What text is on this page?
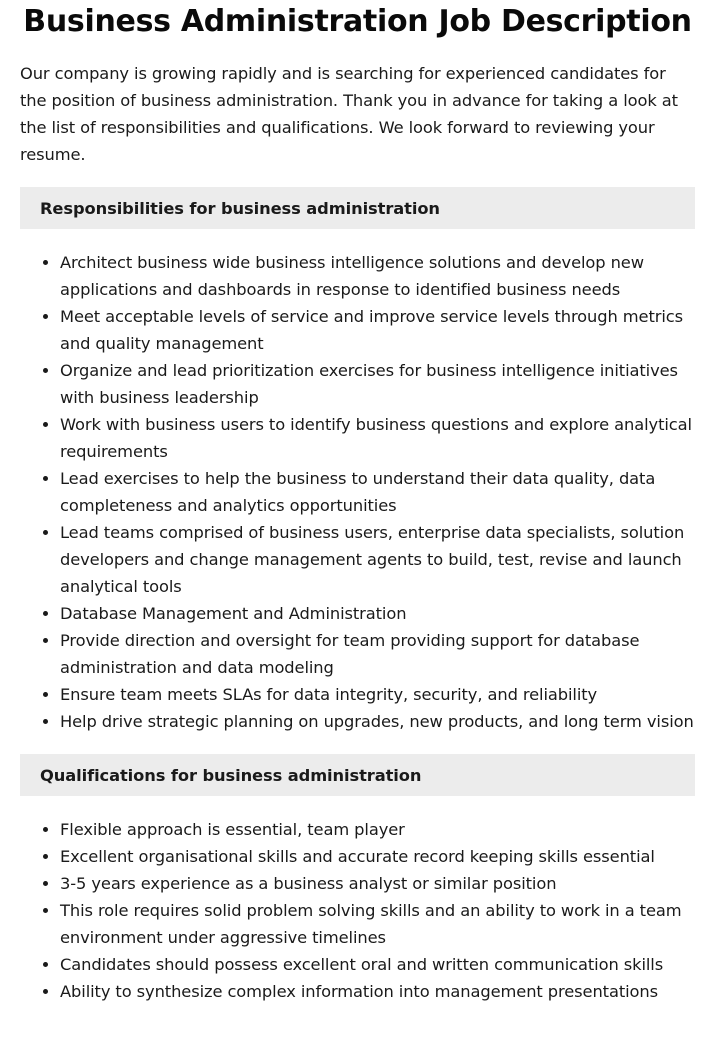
Business Administration Job Description

Our company is growing rapidly and is searching for experienced candidates for the position of business administration. Thank you in advance for taking a look at the list of responsibilities and qualifications. We look forward to reviewing your resume.

Responsibilities for business administration
• Architect business wide business intelligence solutions and develop new applications and dashboards in response to identified business needs
• Meet acceptable levels of service and improve service levels through metrics and quality management
• Organize and lead prioritization exercises for business intelligence initiatives with business leadership
• Work with business users to identify business questions and explore analytical requirements
• Lead exercises to help the business to understand their data quality, data completeness and analytics opportunities
• Lead teams comprised of business users, enterprise data specialists, solution developers and change management agents to build, test, revise and launch analytical tools
• Database Management and Administration
• Provide direction and oversight for team providing support for database administration and data modeling
• Ensure team meets SLAs for data integrity, security, and reliability
• Help drive strategic planning on upgrades, new products, and long term vision
Qualifications for business administration
• Flexible approach is essential, team player
• Excellent organisational skills and accurate record keeping skills essential
• 3-5 years experience as a business analyst or similar position
• This role requires solid problem solving skills and an ability to work in a team environment under aggressive timelines
• Candidates should possess excellent oral and written communication skills
• Ability to synthesize complex information into management presentations
